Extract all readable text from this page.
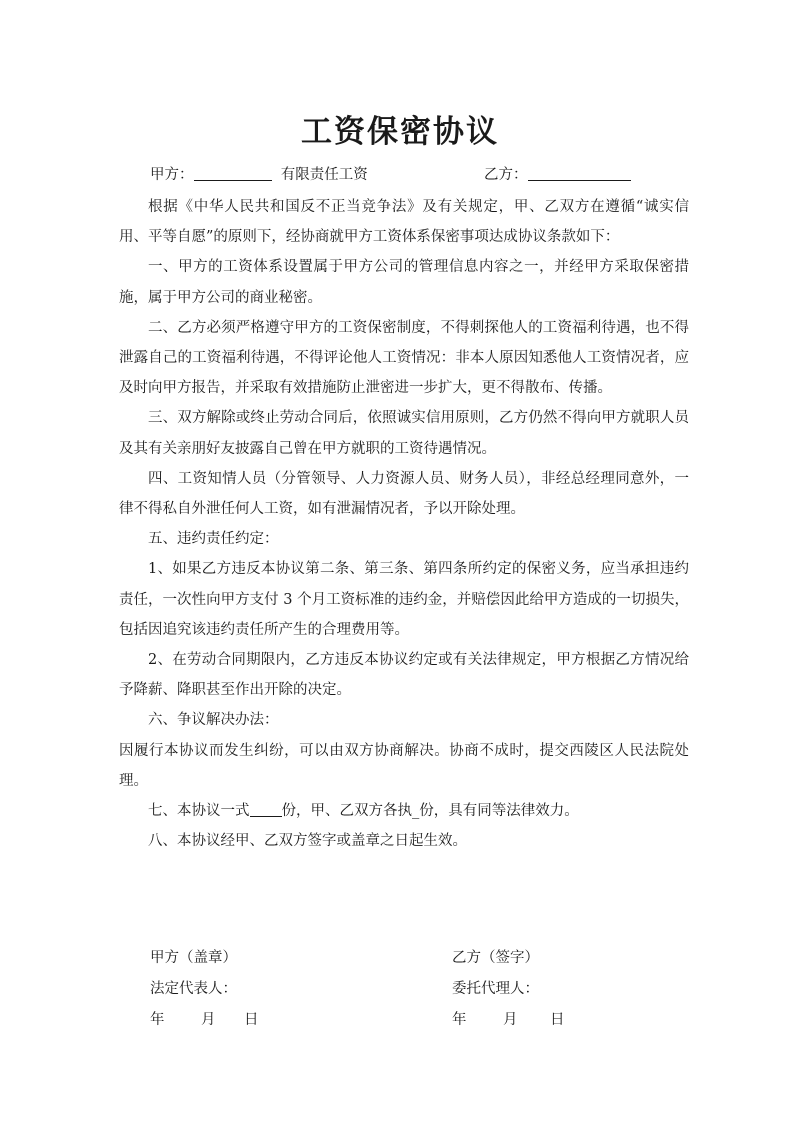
工资保密协议
甲方：	有限责任工资	乙方：

根据《中华人民共和国反不正当竞争法》及有关规定，甲、乙双方在遵循“诚实信用、平等自愿”的原则下，经协商就甲方工资体系保密事项达成协议条款如下：

一、甲方的工资体系设置属于甲方公司的管理信息内容之一，并经甲方采取保密措施，属于甲方公司的商业秘密。

二、乙方必须严格遵守甲方的工资保密制度，不得刺探他人的工资福利待遇，也不得泄露自己的工资福利待遇，不得评论他人工资情况：非本人原因知悉他人工资情况者，应及时向甲方报告，并采取有效措施防止泄密进一步扩大，更不得散布、传播。

三、双方解除或终止劳动合同后，依照诚实信用原则，乙方仍然不得向甲方就职人员及其有关亲朋好友披露自己曾在甲方就职的工资待遇情况。

四、工资知情人员（分管领导、人力资源人员、财务人员），非经总经理同意外，一律不得私自外泄任何人工资，如有泄漏情况者，予以开除处理。

五、违约责任约定：

1、如果乙方违反本协议第二条、第三条、第四条所约定的保密义务，应当承担违约责任，一次性向甲方支付 3 个月工资标准的违约金，并赔偿因此给甲方造成的一切损失，包括因追究该违约责任所产生的合理费用等。

2、在劳动合同期限内，乙方违反本协议约定或有关法律规定，甲方根据乙方情况给予降薪、降职甚至作出开除的决定。

六、争议解决办法：

因履行本协议而发生纠纷，可以由双方协商解决。协商不成时，提交西陵区人民法院处理。

七、本协议一式 份，甲、乙双方各执_份，具有同等法律效力。

八、本协议经甲、乙双方签字或盖章之日起生效。

甲方（盖章）	乙方（签字）
法定代表人：	委托代理人：
年	月 日	年	月 日
